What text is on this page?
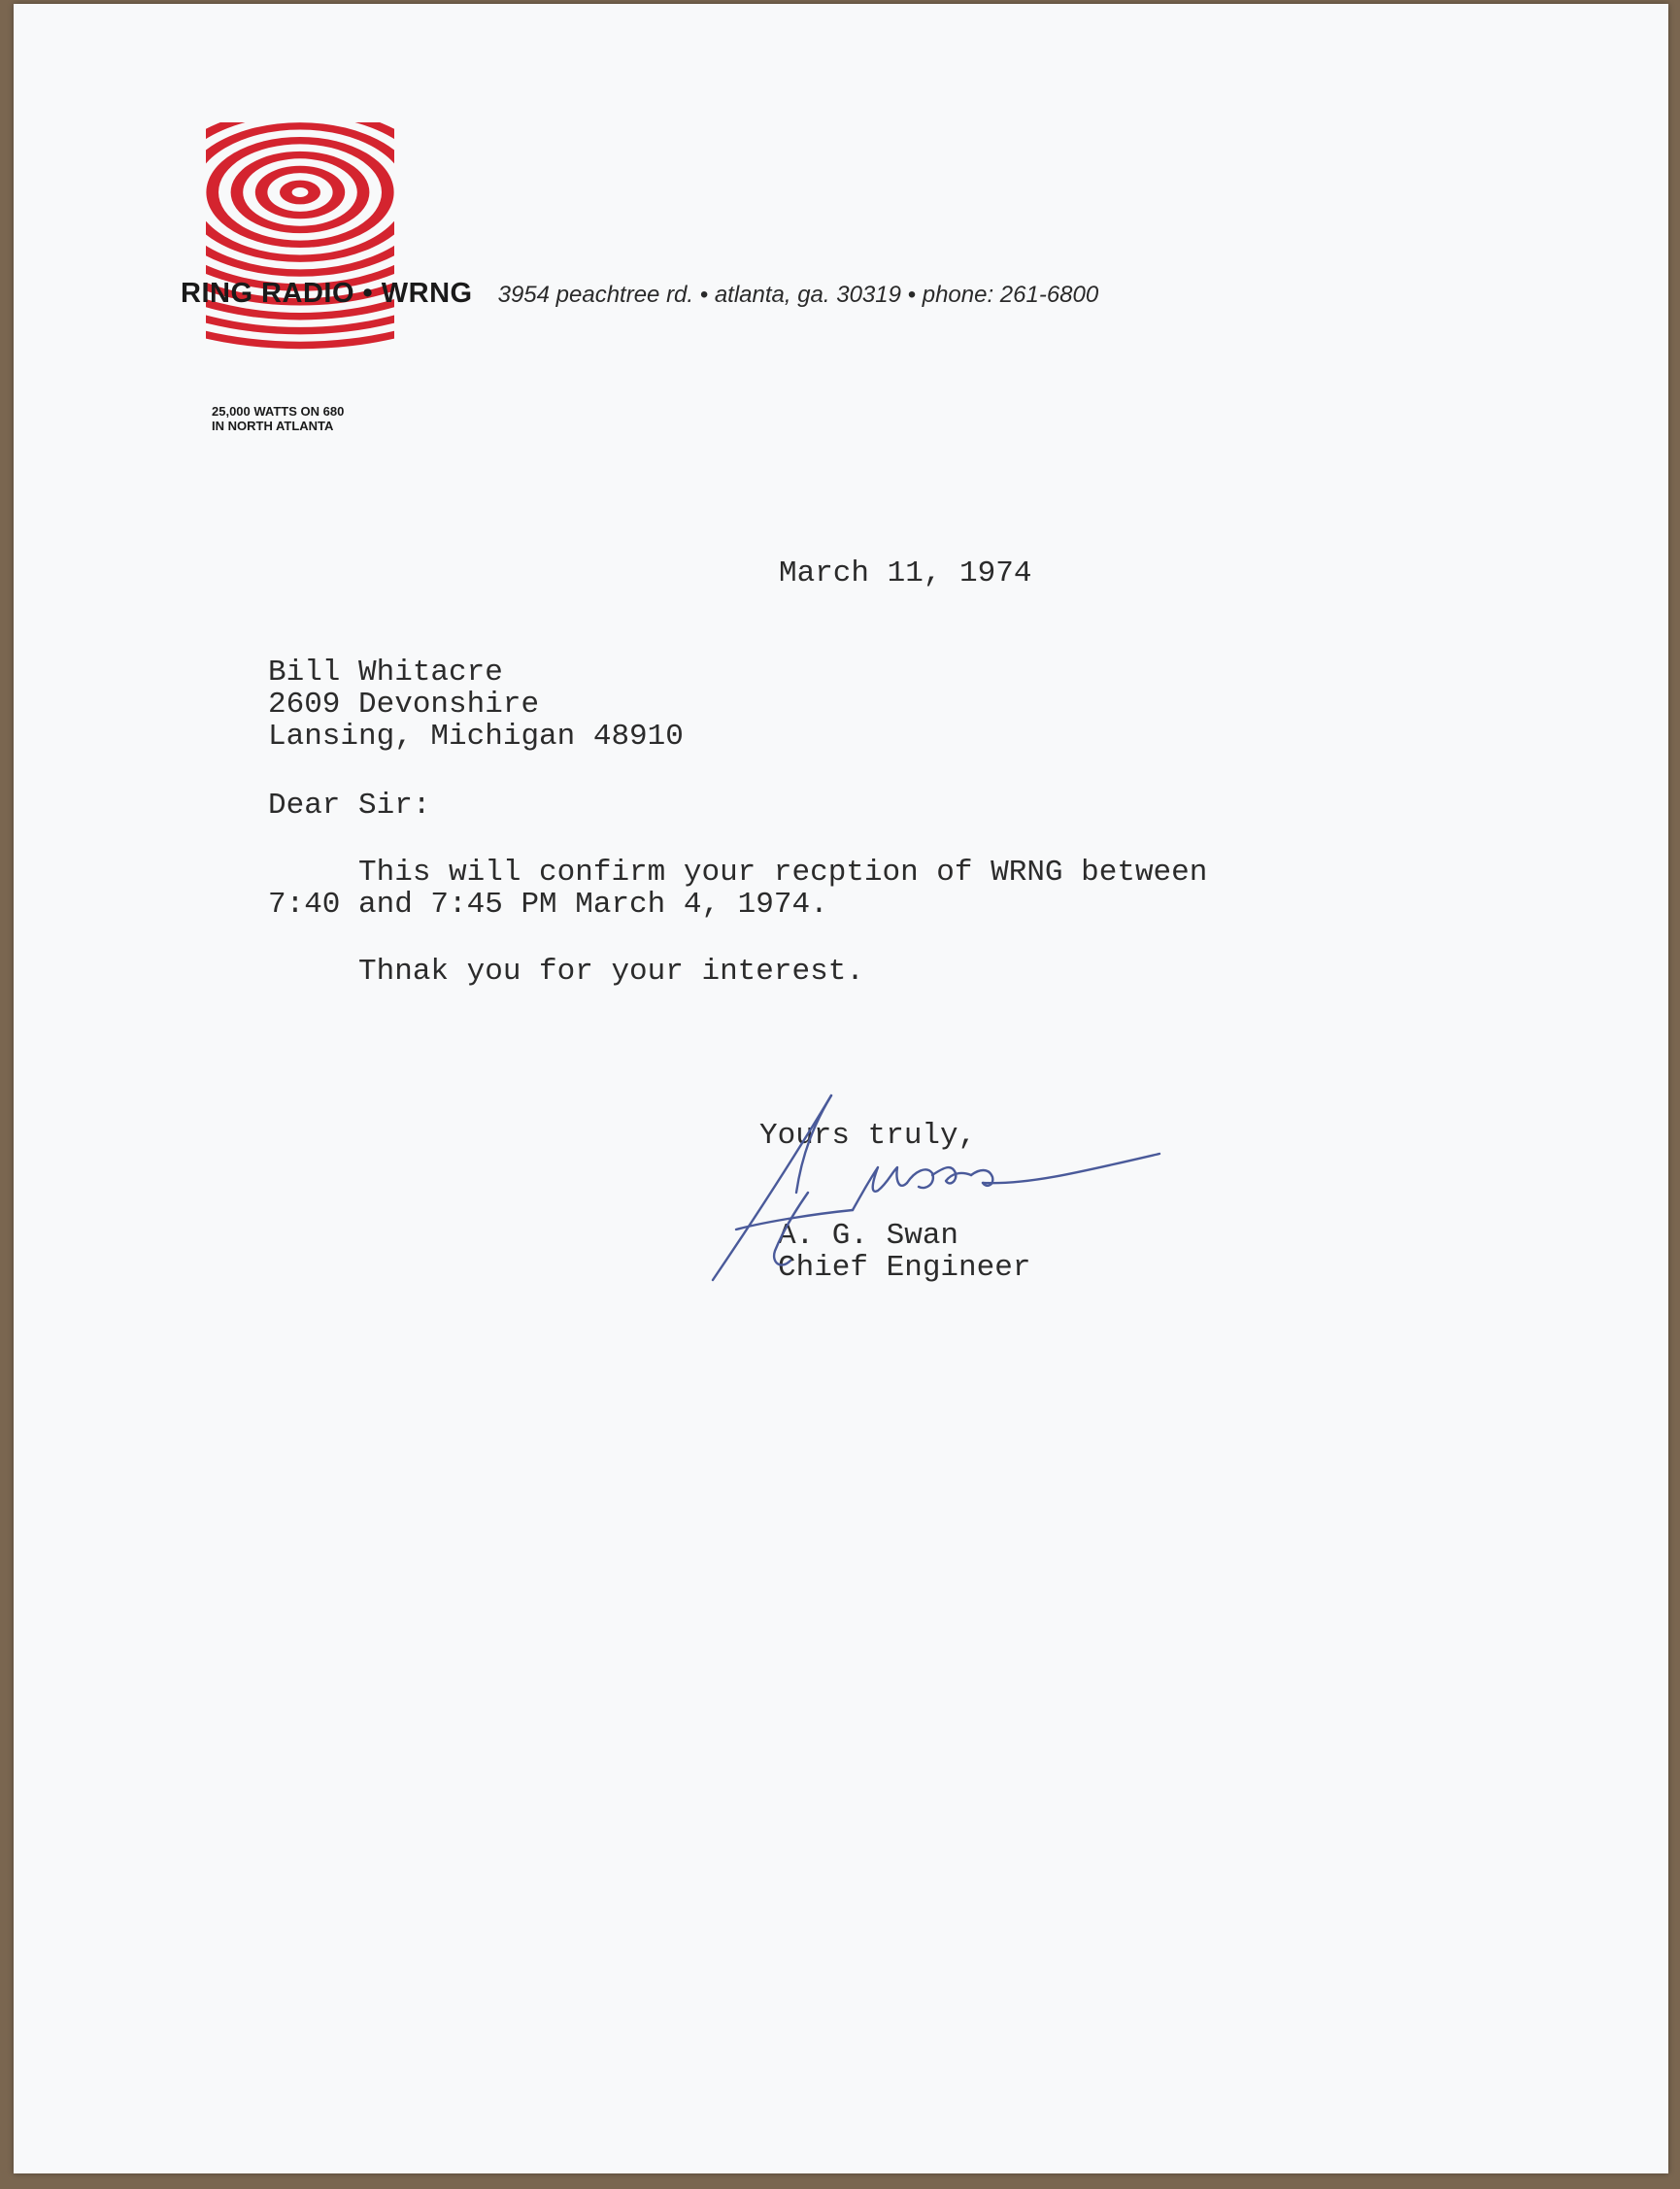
RING RADIO • WRNG 3954 peachtree rd. • atlanta, ga. 30319 • phone: 261-6800
25,000 WATTS ON 680
IN NORTH ATLANTA
March 11, 1974
Bill Whitacre
2609 Devonshire
Lansing, Michigan 48910
Dear Sir:
This will confirm your recption of WRNG between
7:40 and 7:45 PM March 4, 1974.
Thnak you for your interest.
Yours truly,
A. G. Swan
Chief Engineer
